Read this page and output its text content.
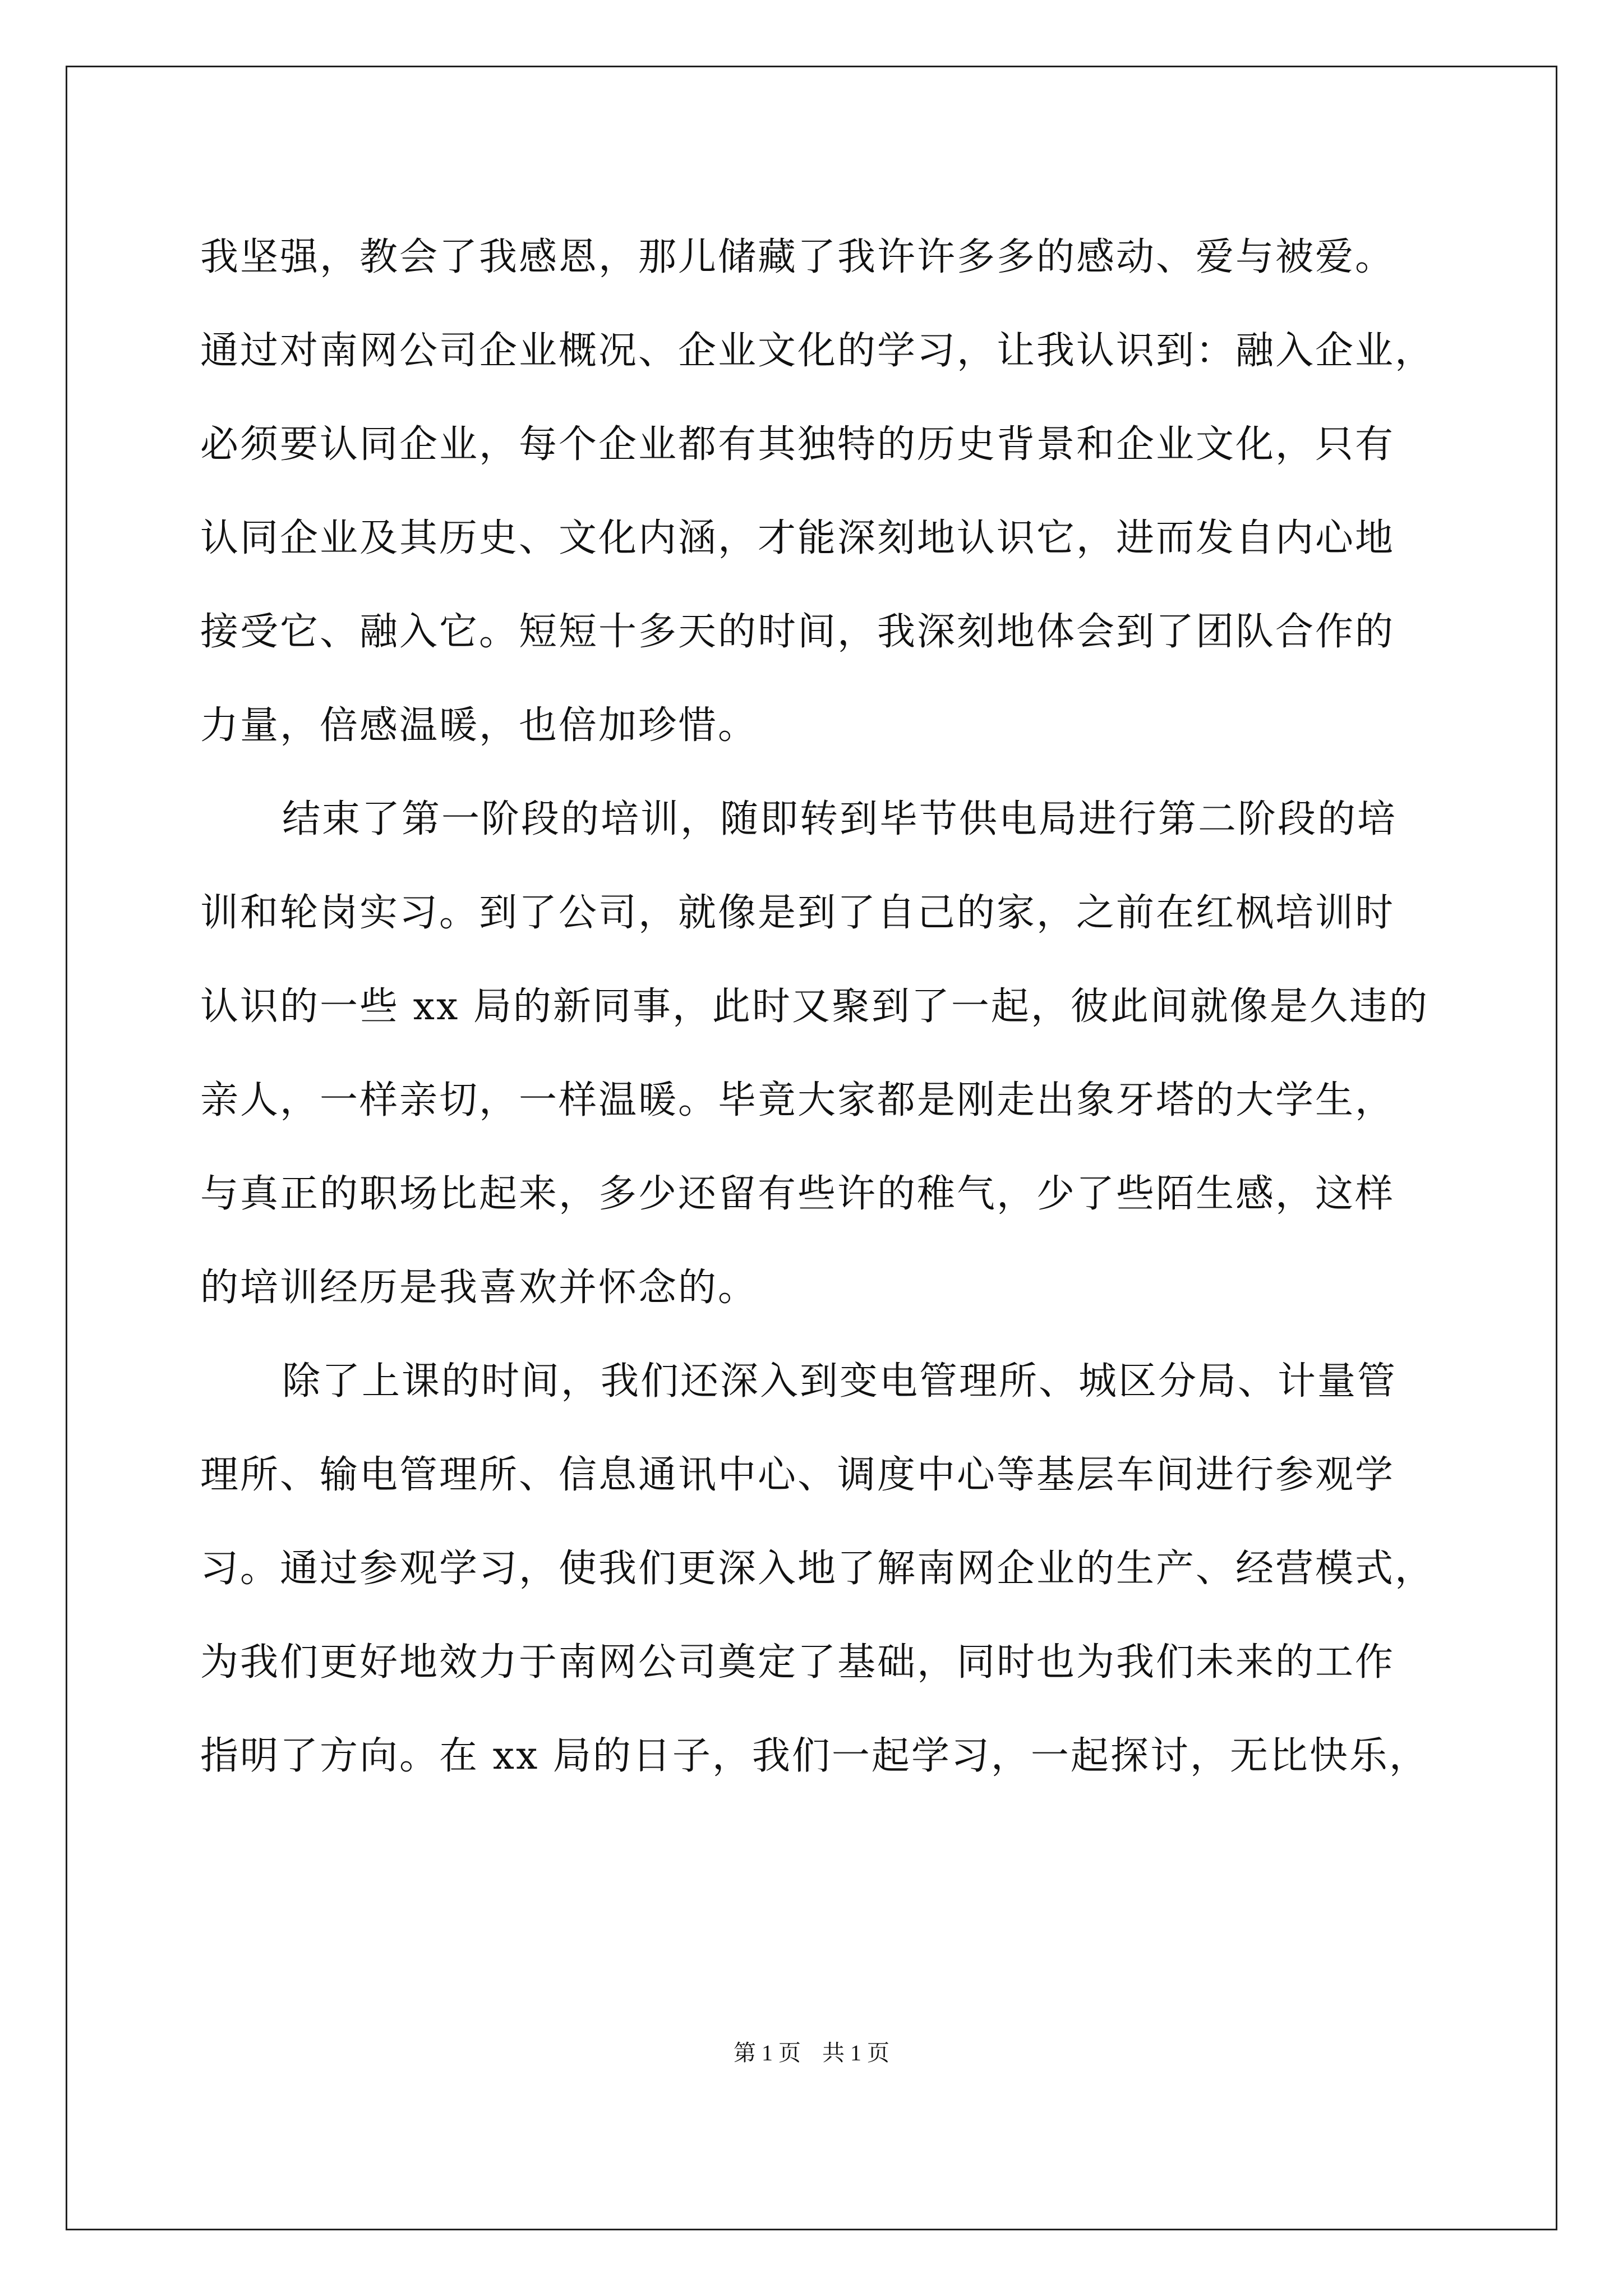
我坚强，教会了我感恩，那儿储藏了我许许多多的感动、爱与被爱。
通过对南网公司企业概况、企业文化的学习，让我认识到：融入企业，
必须要认同企业，每个企业都有其独特的历史背景和企业文化，只有
认同企业及其历史、文化内涵，才能深刻地认识它，进而发自内心地
接受它、融入它。短短十多天的时间，我深刻地体会到了团队合作的
力量，倍感温暖，也倍加珍惜。
结束了第一阶段的培训，随即转到毕节供电局进行第二阶段的培
训和轮岗实习。到了公司，就像是到了自己的家，之前在红枫培训时
认识的一些 xx 局的新同事，此时又聚到了一起，彼此间就像是久违的
亲人，一样亲切，一样温暖。毕竟大家都是刚走出象牙塔的大学生，
与真正的职场比起来，多少还留有些许的稚气，少了些陌生感，这样
的培训经历是我喜欢并怀念的。
除了上课的时间，我们还深入到变电管理所、城区分局、计量管
理所、输电管理所、信息通讯中心、调度中心等基层车间进行参观学
习。通过参观学习，使我们更深入地了解南网企业的生产、经营模式，
为我们更好地效力于南网公司奠定了基础，同时也为我们未来的工作
指明了方向。在 xx 局的日子，我们一起学习，一起探讨，无比快乐，
第 1 页 共 1 页
